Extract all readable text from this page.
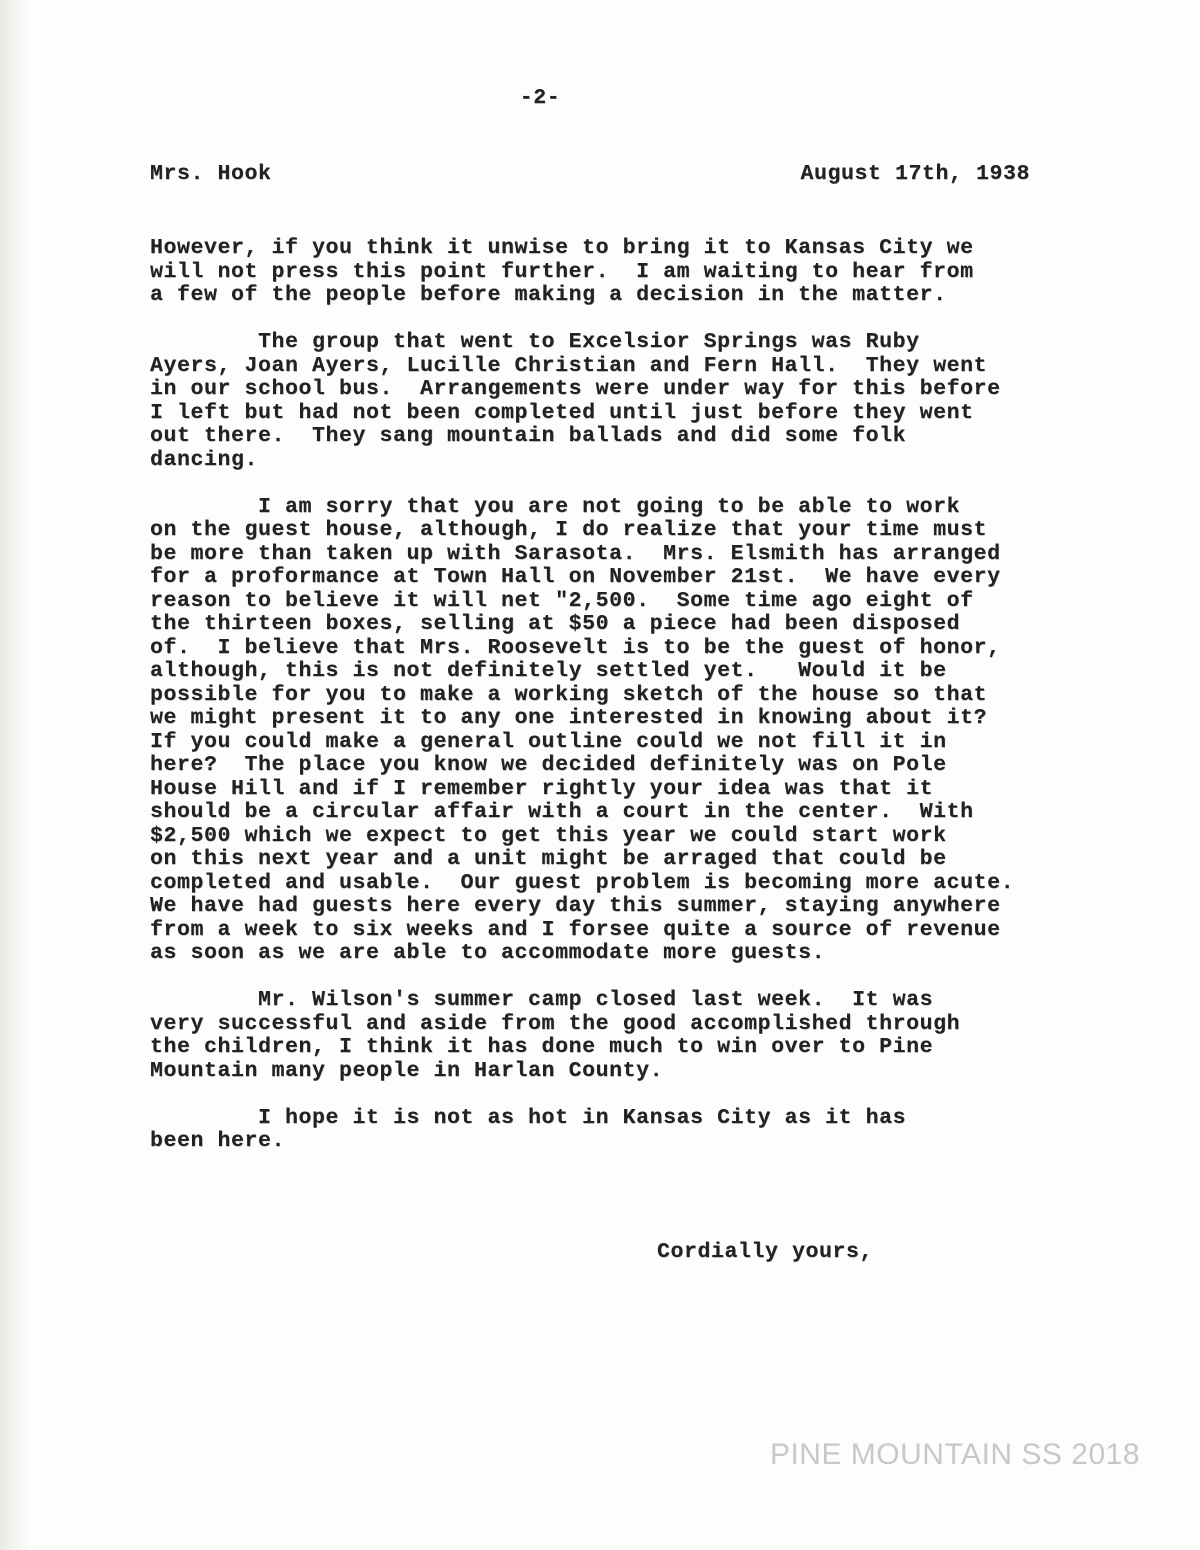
-2-
Mrs. Hook	August 17th, 1938
However, if you think it unwise to bring it to Kansas City we
will not press this point further.  I am waiting to hear from
a few of the people before making a decision in the matter.
The group that went to Excelsior Springs was Ruby
Ayers, Joan Ayers, Lucille Christian and Fern Hall.  They went
in our school bus.  Arrangements were under way for this before
I left but had not been completed until just before they went
out there.  They sang mountain ballads and did some folk
dancing.
I am sorry that you are not going to be able to work
on the guest house, although, I do realize that your time must
be more than taken up with Sarasota.  Mrs. Elsmith has arranged
for a proformance at Town Hall on November 21st.  We have every
reason to believe it will net "2,500.  Some time ago eight of
the thirteen boxes, selling at $50 a piece had been disposed
of.  I believe that Mrs. Roosevelt is to be the guest of honor,
although, this is not definitely settled yet.   Would it be
possible for you to make a working sketch of the house so that
we might present it to any one interested in knowing about it?
If you could make a general outline could we not fill it in
here?  The place you know we decided definitely was on Pole
House Hill and if I remember rightly your idea was that it
should be a circular affair with a court in the center.  With
$2,500 which we expect to get this year we could start work
on this next year and a unit might be arraged that could be
completed and usable.  Our guest problem is becoming more acute.
We have had guests here every day this summer, staying anywhere
from a week to six weeks and I forsee quite a source of revenue
as soon as we are able to accommodate more guests.
Mr. Wilson's summer camp closed last week.  It was
very successful and aside from the good accomplished through
the children, I think it has done much to win over to Pine
Mountain many people in Harlan County.
I hope it is not as hot in Kansas City as it has
been here.
Cordially yours,
PINE MOUNTAIN SS 2018
